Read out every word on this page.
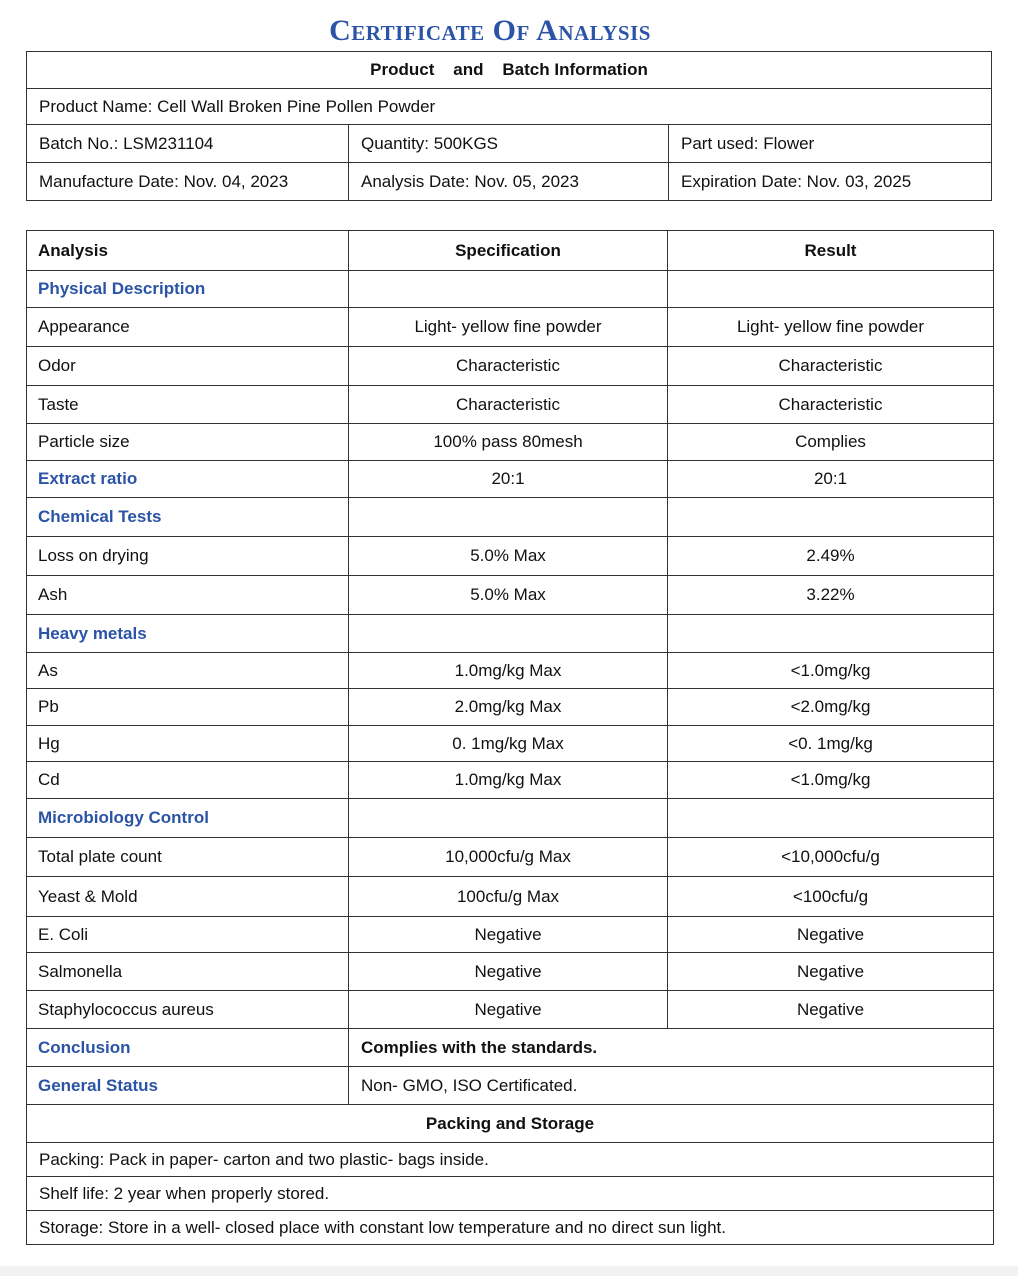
Certificate Of Analysis
Product    and    Batch Information		
Product Name: Cell Wall Broken Pine Pollen Powder		
Batch No.: LSM231104	Quantity: 500KGS	Part used: Flower
Manufacture Date: Nov. 04, 2023	Analysis Date: Nov. 05, 2023	Expiration Date: Nov. 03, 2025
Analysis	Specification	Result
Physical Description		
Appearance	Light- yellow fine powder	Light- yellow fine powder
Odor	Characteristic	Characteristic
Taste	Characteristic	Characteristic
Particle size	100% pass 80mesh	Complies
Extract ratio	20:1	20:1
Chemical Tests		
Loss on drying	5.0% Max	2.49%
Ash	5.0% Max	3.22%
Heavy metals		
As	1.0mg/kg Max	<1.0mg/kg
Pb	2.0mg/kg Max	<2.0mg/kg
Hg	0. 1mg/kg Max	<0. 1mg/kg
Cd	1.0mg/kg Max	<1.0mg/kg
Microbiology Control		
Total plate count	10,000cfu/g Max	<10,000cfu/g
Yeast & Mold	100cfu/g Max	<100cfu/g
E. Coli	Negative	Negative
Salmonella	Negative	Negative
Staphylococcus aureus	Negative	Negative
Conclusion	Complies with the standards.	
General Status	Non- GMO, ISO Certificated.	
Packing and Storage		
Packing: Pack in paper- carton and two plastic- bags inside.		
Shelf life: 2 year when properly stored.		
Storage: Store in a well- closed place with constant low temperature and no direct sun light.		
